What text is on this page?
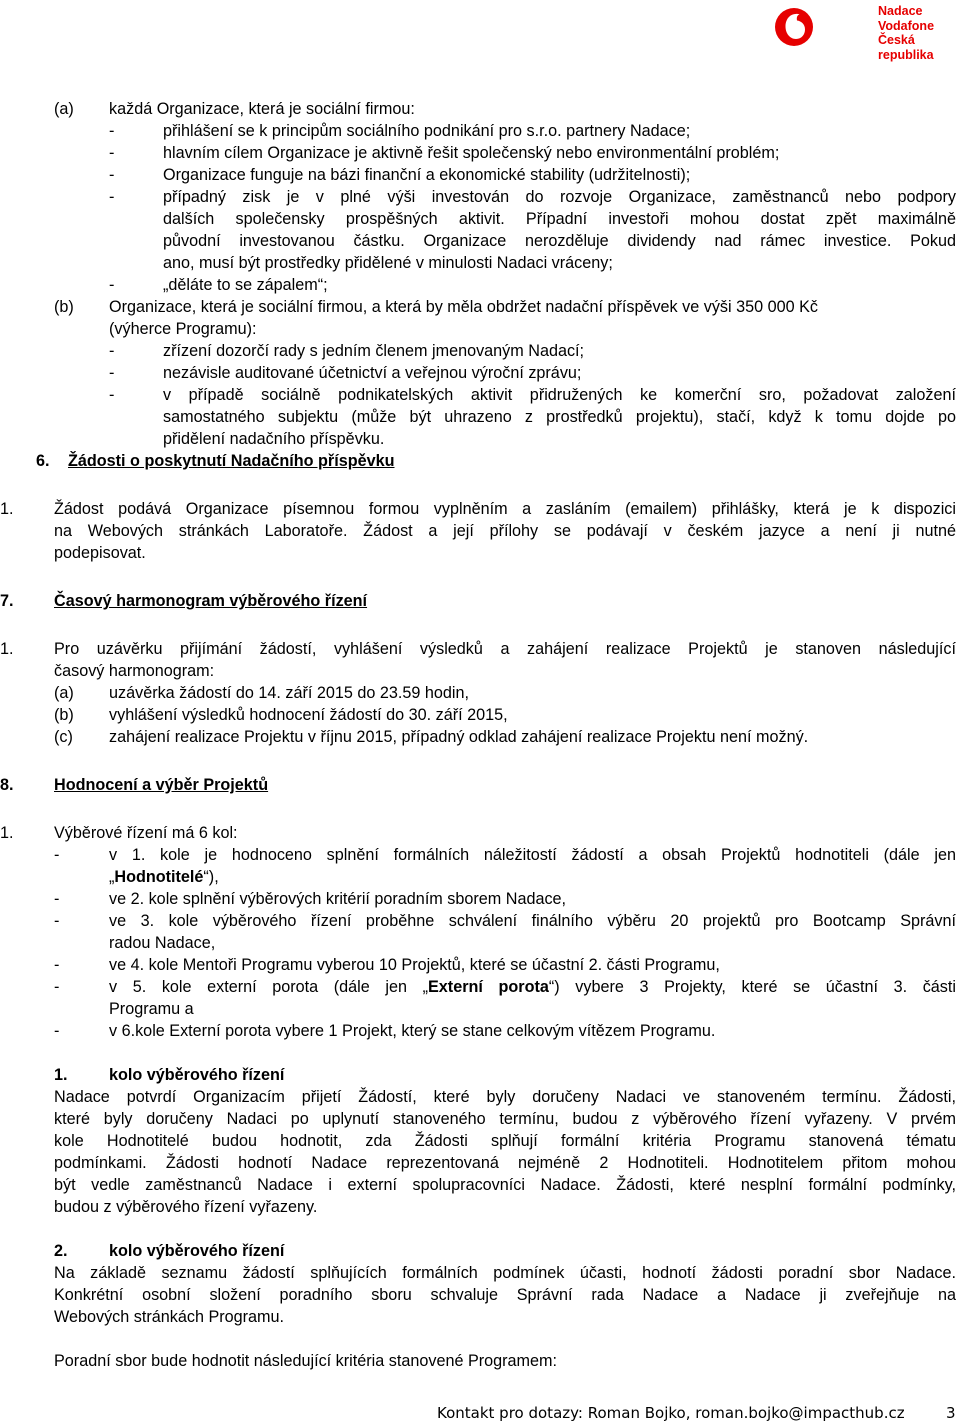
Nadace
Vodafone
Česká republika
(a) každá Organizace, která je sociální firmou:
-	přihlášení se k principům sociálního podnikání pro s.r.o. partnery Nadace;
-	hlavním cílem Organizace je aktivně řešit společenský nebo environmentální problém;
-	Organizace funguje na bázi finanční a ekonomické stability (udržitelnosti);
-	případný zisk je v plné výši investován do rozvoje Organizace, zaměstnanců nebo podpory
dalších společensky prospěšných aktivit. Případní investoři mohou dostat zpět maximálně
původní investovanou částku. Organizace nerozděluje dividendy nad rámec investice. Pokud
ano, musí být prostředky přidělené v minulosti Nadaci vráceny;
-	„děláte to se zápalem“;
(b) Organizace, která je sociální firmou, a která by měla obdržet nadační příspěvek ve výši 350 000 Kč
(výherce Programu):
-	zřízení dozorčí rady s jedním členem jmenovaným Nadací;
-	nezávisle auditované účetnictví a veřejnou výroční zprávu;
-	v případě sociálně podnikatelských aktivit přidružených ke komerční sro, požadovat založení
samostatného subjektu (může být uhrazeno z prostředků projektu), stačí, když k tomu dojde po
přidělení nadačního příspěvku.
6. Žádosti o poskytnutí Nadačního příspěvku
1. Žádost podává Organizace písemnou formou vyplněním a zasláním (emailem) přihlášky, která je k dispozici
na Webových stránkách Laboratoře. Žádost a její přílohy se podávají v českém jazyce a není ji nutné
podepisovat.
7. Časový harmonogram výběrového řízení
1. Pro uzávěrku přijímání žádostí, vyhlášení výsledků a zahájení realizace Projektů je stanoven následující
časový harmonogram:
(a) uzávěrka žádostí do 14. září 2015 do 23.59 hodin,
(b) vyhlášení výsledků hodnocení žádostí do 30. září 2015,
(c) zahájení realizace Projektu v říjnu 2015, případný odklad zahájení realizace Projektu není možný.
8. Hodnocení a výběr Projektů
1. Výběrové řízení má 6 kol:
-	v 1. kole je hodnoceno splnění formálních náležitostí žádostí a obsah Projektů hodnotiteli (dále jen
„Hodnotitelé“),
-	ve 2. kole splnění výběrových kritérií poradním sborem Nadace,
-	ve 3. kole výběrového řízení proběhne schválení finálního výběru 20 projektů pro Bootcamp Správní
radou Nadace,
-	ve 4. kole Mentoři Programu vyberou 10 Projektů, které se účastní 2. části Programu,
-	v 5. kole externí porota (dále jen „Externí porota“) vybere 3 Projekty, které se účastní 3. části
Programu a
-	v 6.kole Externí porota vybere 1 Projekt, který se stane celkovým vítězem Programu.
1.	kolo výběrového řízení
Nadace potvrdí Organizacím přijetí Žádostí, které byly doručeny Nadaci ve stanoveném termínu. Žádosti,
které byly doručeny Nadaci po uplynutí stanoveného termínu, budou z výběrového řízení vyřazeny. V prvém
kole Hodnotitelé budou hodnotit, zda Žádosti splňují formální kritéria Programu stanovená tématu
podmínkami. Žádosti hodnotí Nadace reprezentovaná nejméně 2 Hodnotiteli. Hodnotitelem přitom mohou
být vedle zaměstnanců Nadace i externí spolupracovníci Nadace. Žádosti, které nesplní formální podmínky,
budou z výběrového řízení vyřazeny.
2.	kolo výběrového řízení
Na základě seznamu žádostí splňujících formálních podmínek účasti, hodnotí žádosti poradní sbor Nadace.
Konkrétní osobní složení poradního sboru schvaluje Správní rada Nadace a Nadace ji zveřejňuje na
Webových stránkách Programu.
Poradní sbor bude hodnotit následující kritéria stanovené Programem:
Kontakt pro dotazy: Roman Bojko, roman.bojko@impacthub.cz	3
